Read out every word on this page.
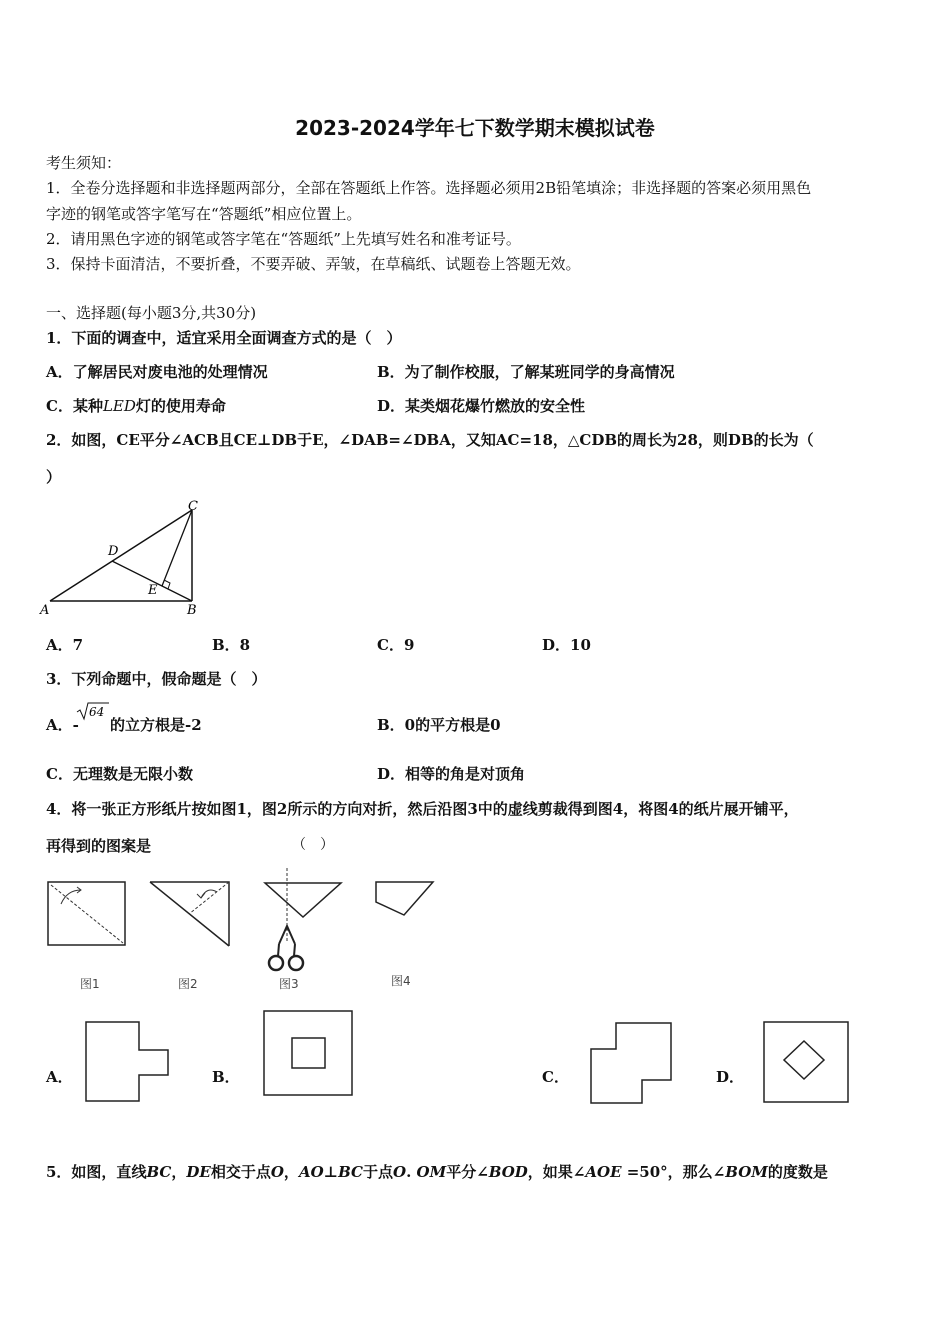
2023-2024学年七下数学期末模拟试卷
考生须知：
1．全卷分选择题和非选择题两部分，全部在答题纸上作答。选择题必须用2B铅笔填涂；非选择题的答案必须用黑色
字迹的钢笔或答字笔写在“答题纸”相应位置上。
2．请用黑色字迹的钢笔或答字笔在“答题纸”上先填写姓名和准考证号。
3．保持卡面清洁，不要折叠，不要弄破、弄皱，在草稿纸、试题卷上答题无效。
一、选择题(每小题3分,共30分)
1．下面的调查中，适宜采用全面调查方式的是（　）
A．了解居民对废电池的处理情况	B．为了制作校服，了解某班同学的身高情况
C．某种LED灯的使用寿命	D．某类烟花爆竹燃放的安全性
2．如图，CE平分∠ACB且CE⊥DB于E，∠DAB=∠DBA，又知AC=18，△CDB的周长为28，则DB的长为（
）
A	B
C
D
E
A．7	B．8	C．9	D．10
3．下列命题中，假命题是（　）
A．-
64
的立方根是-2	B．0的平方根是0
C．无理数是无限小数	D．相等的角是对顶角
4．将一张正方形纸片按如图1，图2所示的方向对折，然后沿图3中的虚线剪裁得到图4，将图4的纸片展开铺平，
再得到的图案是	（　）
图1	图2	图3	图4
A．	B．	C．	D．
5．如图，直线BC，DE相交于点O，AO⊥BC于点O. OM平分∠BOD，如果∠AOE =50°，那么∠BOM的度数是
